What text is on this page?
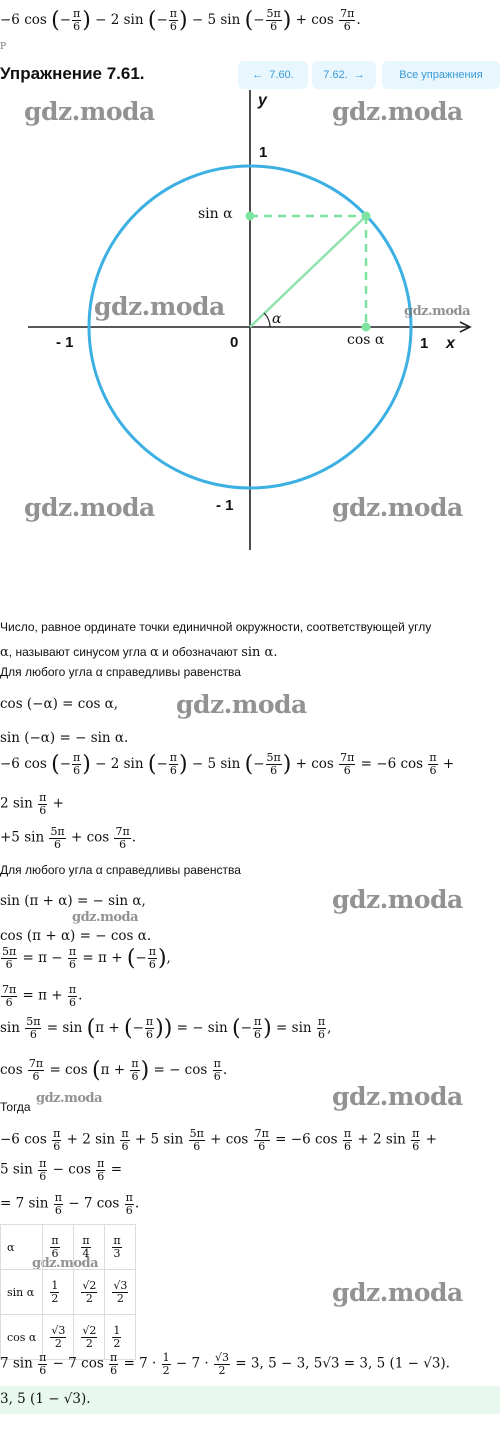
−6 cos (− $\frac{\pi}{6}$ ) − 2 sin (− $\frac{\pi}{6}$ ) − 5 sin (− $\frac{5\pi}{6}$ ) + $\cos \frac{7\pi}{6}$ .
P
Упражнение 7.61.	← 7.60.	7.62. →	Все упражнения
y
1
sin α
α
- 1	0	cos α 1 x
- 1
gdz.moda	gdz.moda
gdz.moda	gdz.moda
gdz.moda	gdz.moda
gdz.moda
gdz.moda
gdz.moda
gdz.moda	gdz.moda
gdz.moda
gdz.moda
Число, равное ординате точки единичной окружности, соответствующей углу
α, называют синусом угла α и обозначают sin α.
Для любого угла α справедливы равенства
cos (−α) = cos α,
sin (−α) = − sin α.
−6 cos (− $\frac{\pi}{6}$ ) − 2 sin (− $\frac{\pi}{6}$ ) − 5 sin (− $\frac{5\pi}{6}$ ) + $\cos \frac{7\pi}{6} = -6$ $\cos \frac{\pi}{6}$ +
2 $\sin \frac{\pi}{6}$ +
+5 $\sin \frac{5\pi}{6} + \cos \frac{7\pi}{6}$ .
Для любого угла α справедливы равенства
sin (π + α) = − sin α,
cos (π + α) = − cos α.
$\frac{5\pi}{6} = \pi - \frac{\pi}{6} = \pi$ + (− $\frac{\pi}{6}$ ),
$\frac{7\pi}{6} = \pi + \frac{\pi}{6}$ .
$\sin \frac{5\pi}{6} = \sin (\pi$ + (− $\frac{\pi}{6}$ )) = − sin (− $\frac{\pi}{6}$ ) = $\sin \frac{\pi}{6}$ ,
$\cos \frac{7\pi}{6} = \cos (\pi + \frac{\pi}{6}$ ) = − $\cos \frac{\pi}{6}$ .
Тогда
−6 $\cos \frac{\pi}{6} + 2$ $\sin \frac{\pi}{6} + 5$ $\sin \frac{5\pi}{6} + \cos \frac{7\pi}{6} = -6$ $\cos \frac{\pi}{6} + 2$ $\sin \frac{\pi}{6}$ +
5 $\sin \frac{\pi}{6} - \cos \frac{\pi}{6}$ =
= 7 $\sin \frac{\pi}{6} - 7$ $\cos \frac{\pi}{6}$ .
α	$\frac{\pi}{6}$	$\frac{\pi}{4}$	$\frac{\pi}{3}$

sin α	$\frac{1}{2}$	$\frac{√2}{2}$	$\frac{√3}{2}$

cos α	$\frac{√3}{2}$	$\frac{√2}{2}$	$\frac{1}{2}$
7 $\sin \frac{\pi}{6} - 7$ $\cos \frac{\pi}{6} = 7 \cdot \frac{1}{2} - 7 \cdot \frac{√3}{2} = 3$, 5 − 3, 5√3 = 3, 5 (1 − √3).
3, 5 (1 − √3).
